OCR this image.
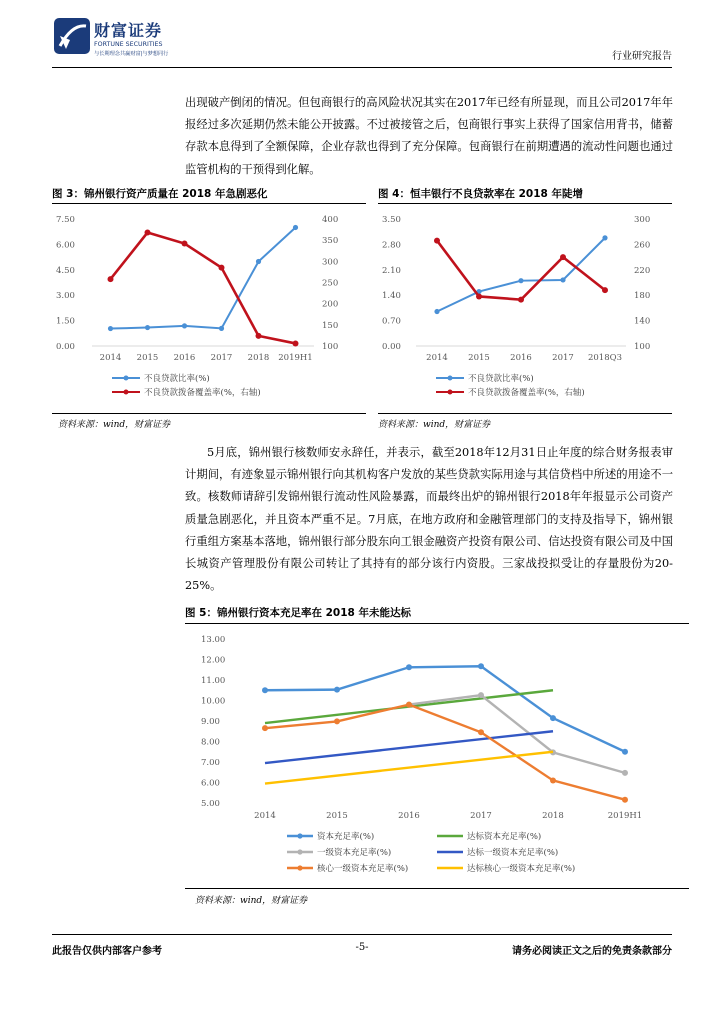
财富证券
FORTUNE SECURITIES
与长期理念共赢财富|与梦想同行	行业研究报告
出现破产倒闭的情况。但包商银行的高风险状况其实在2017年已经有所显现，而且公司2017年年报经过多次延期仍然未能公开披露。不过被接管之后，包商银行事实上获得了国家信用背书，储蓄存款本息得到了全额保障，企业存款也得到了充分保障。包商银行在前期遭遇的流动性问题也通过监管机构的干预得到化解。
图 3：锦州银行资产质量在 2018 年急剧恶化	图 4：恒丰银行不良贷款率在 2018 年陡增
0.00
1.50
3.00
4.50
6.00
7.50
100
150
200
250
300
350
400
2014 2015 2016 2017 2018 2019H1
不良贷款比率(%)
不良贷款拨备覆盖率(%，右轴)
0.00
0.70
1.40
2.10
2.80
3.50
100
140
180
220
260
300
2014 2015 2016 2017 2018Q3
不良贷款比率(%)
不良贷款拨备覆盖率(%，右轴)
资料来源：wind，财富证券	资料来源：wind，财富证券
5月底，锦州银行核数师安永辞任，并表示，截至2018年12月31日止年度的综合财务报表审计期间，有迹象显示锦州银行向其机构客户发放的某些贷款实际用途与其信贷档中所述的用途不一致。核数师请辞引发锦州银行流动性风险暴露，而最终出炉的锦州银行2018年年报显示公司资产质量急剧恶化，并且资本严重不足。7月底，在地方政府和金融管理部门的支持及指导下，锦州银行重组方案基本落地，锦州银行部分股东向工银金融资产投资有限公司、信达投资有限公司及中国长城资产管理股份有限公司转让了其持有的部分该行内资股。三家战投拟受让的存量股份为20-25%。
图 5：锦州银行资本充足率在 2018 年未能达标
5.00
6.00
7.00
8.00
9.00
10.00
11.00
12.00
13.00
2014	2015	2016	2017	2018	2019H1
资本充足率(%)	达标资本充足率(%)
一级资本充足率(%)	达标一级资本充足率(%)
核心一级资本充足率(%)	达标核心一级资本充足率(%)
资料来源：wind，财富证券
此报告仅供内部客户参考	-5-	请务必阅读正文之后的免责条款部分
